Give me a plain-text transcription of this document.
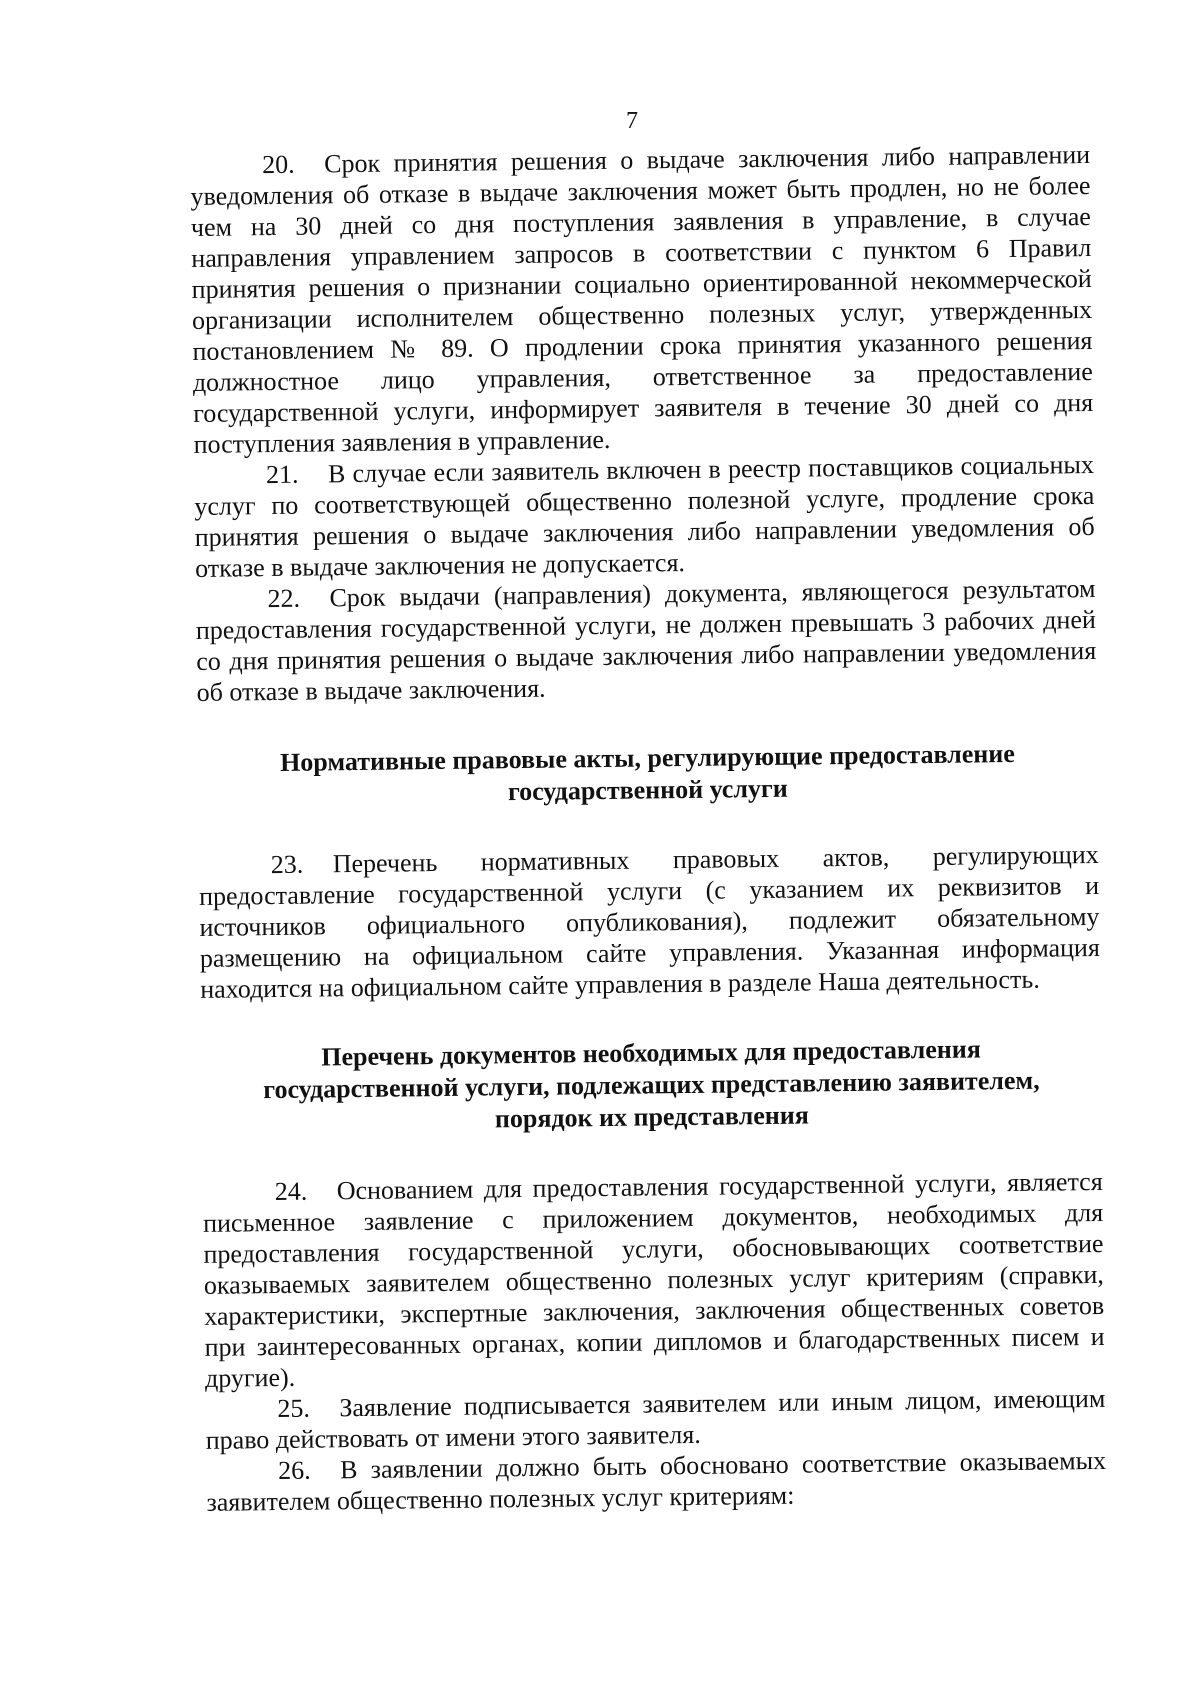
7

20. Срок принятия решения о выдаче заключения либо направлении уведомления об отказе в выдаче заключения может быть продлен, но не более чем на 30 дней со дня поступления заявления в управление, в случае направления управлением запросов в соответствии с пунктом 6 Правил принятия решения о признании социально ориентированной некоммерческой организации исполнителем общественно полезных услуг, утвержденных постановлением № 89. О продлении срока принятия указанного решения должностное лицо управления, ответственное за предоставление государственной услуги, информирует заявителя в течение 30 дней со дня поступления заявления в управление.

21. В случае если заявитель включен в реестр поставщиков социальных услуг по соответствующей общественно полезной услуге, продление срока принятия решения о выдаче заключения либо направлении уведомления об отказе в выдаче заключения не допускается.

22. Срок выдачи (направления) документа, являющегося результатом предоставления государственной услуги, не должен превышать 3 рабочих дней со дня принятия решения о выдаче заключения либо направлении уведомления об отказе в выдаче заключения.

Нормативные правовые акты, регулирующие предоставление
государственной услуги

23. Перечень нормативных правовых актов, регулирующих предоставление государственной услуги (с указанием их реквизитов и источников официального опубликования), подлежит обязательному размещению на официальном сайте управления. Указанная информация находится на официальном сайте управления в разделе Наша деятельность.

Перечень документов необходимых для предоставления
государственной услуги, подлежащих представлению заявителем,
порядок их представления

24. Основанием для предоставления государственной услуги, является письменное заявление с приложением документов, необходимых для предоставления государственной услуги, обосновывающих соответствие оказываемых заявителем общественно полезных услуг критериям (справки, характеристики, экспертные заключения, заключения общественных советов при заинтересованных органах, копии дипломов и благодарственных писем и другие).

25. Заявление подписывается заявителем или иным лицом, имеющим право действовать от имени этого заявителя.

26. В заявлении должно быть обосновано соответствие оказываемых заявителем общественно полезных услуг критериям:
